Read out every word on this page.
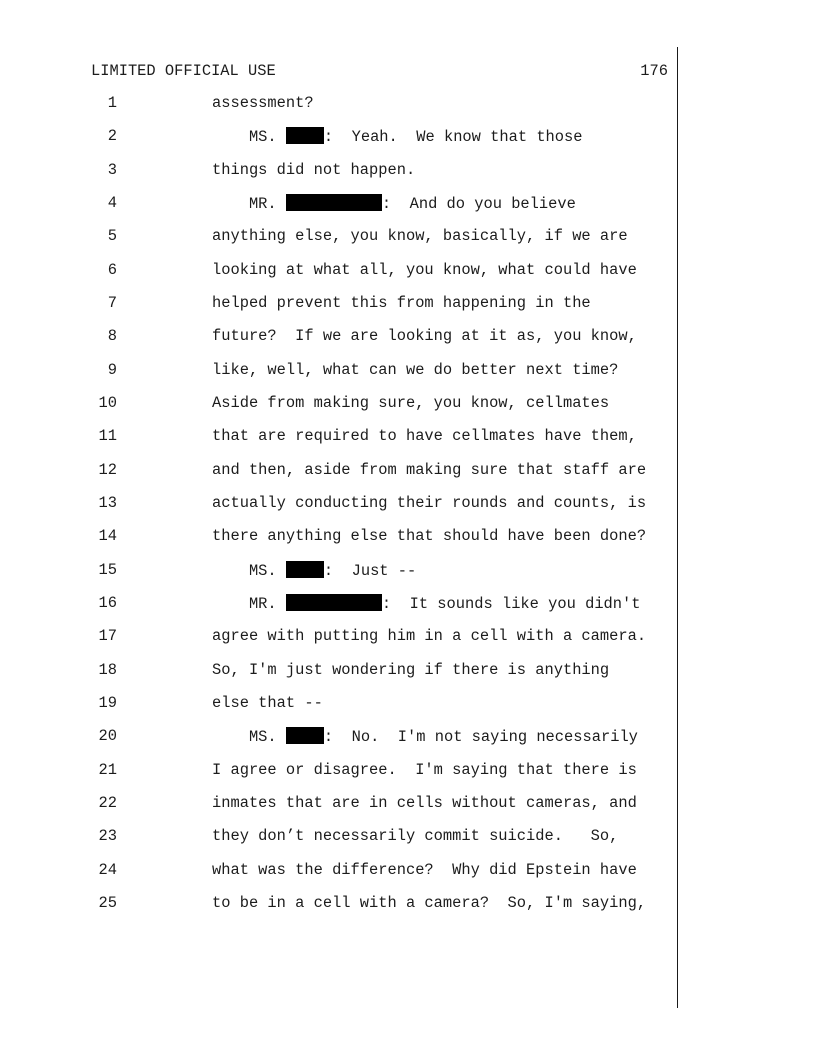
LIMITED OFFICIAL USE	176
1	assessment?
2	MS. :  Yeah.  We know that those
3	things did not happen.
4	MR.	:  And do you believe
5	anything else, you know, basically, if we are
6	looking at what all, you know, what could have
7	helped prevent this from happening in the
8	future?  If we are looking at it as, you know,
9	like, well, what can we do better next time?
10	Aside from making sure, you know, cellmates
11	that are required to have cellmates have them,
12	and then, aside from making sure that staff are
13	actually conducting their rounds and counts, is
14	there anything else that should have been done?
15	MS. :  Just --
16	MR.	:  It sounds like you didn't
17	agree with putting him in a cell with a camera.
18	So, I'm just wondering if there is anything
19	else that --
20	MS. :  No.  I'm not saying necessarily
21	I agree or disagree.  I'm saying that there is
22	inmates that are in cells without cameras, and
23	they don’t necessarily commit suicide.   So,
24	what was the difference?  Why did Epstein have
25	to be in a cell with a camera?  So, I'm saying,
